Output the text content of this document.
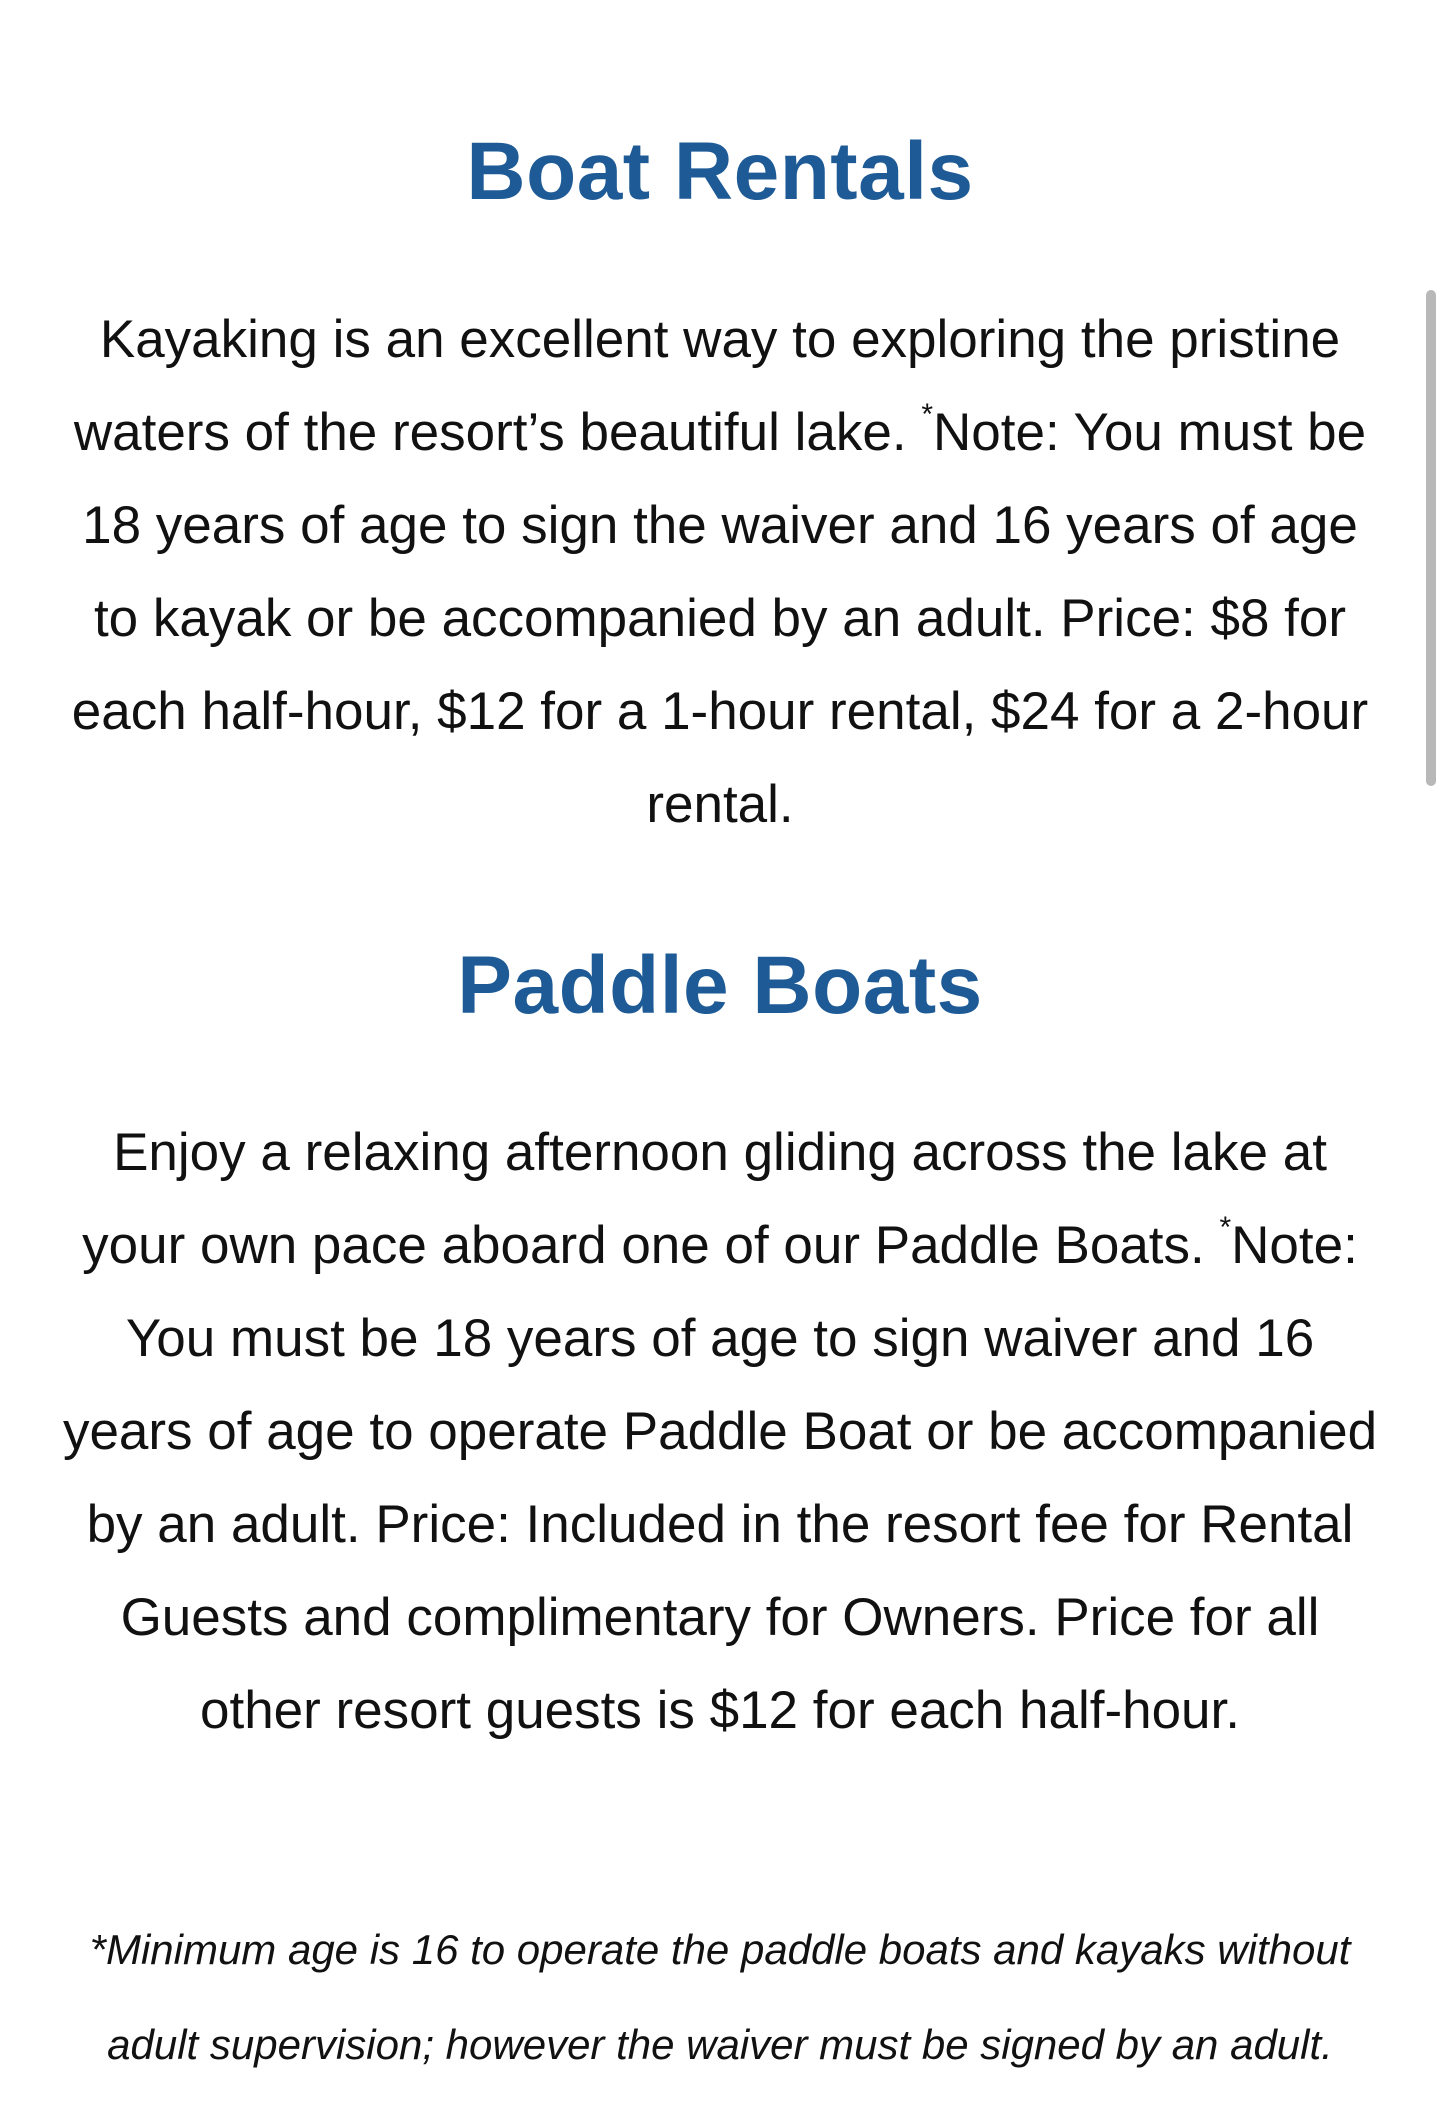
Boat Rentals

Kayaking is an excellent way to exploring the pristine waters of the resort’s beautiful lake. *Note: You must be 18 years of age to sign the waiver and 16 years of age to kayak or be accompanied by an adult. Price: $8 for each half-hour, $12 for a 1-hour rental, $24 for a 2-hour rental.

Paddle Boats

Enjoy a relaxing afternoon gliding across the lake at your own pace aboard one of our Paddle Boats. *Note: You must be 18 years of age to sign waiver and 16 years of age to operate Paddle Boat or be accompanied by an adult. Price: Included in the resort fee for Rental Guests and complimentary for Owners. Price for all other resort guests is $12 for each half-hour.

*Minimum age is 16 to operate the paddle boats and kayaks without adult supervision; however the waiver must be signed by an adult.
